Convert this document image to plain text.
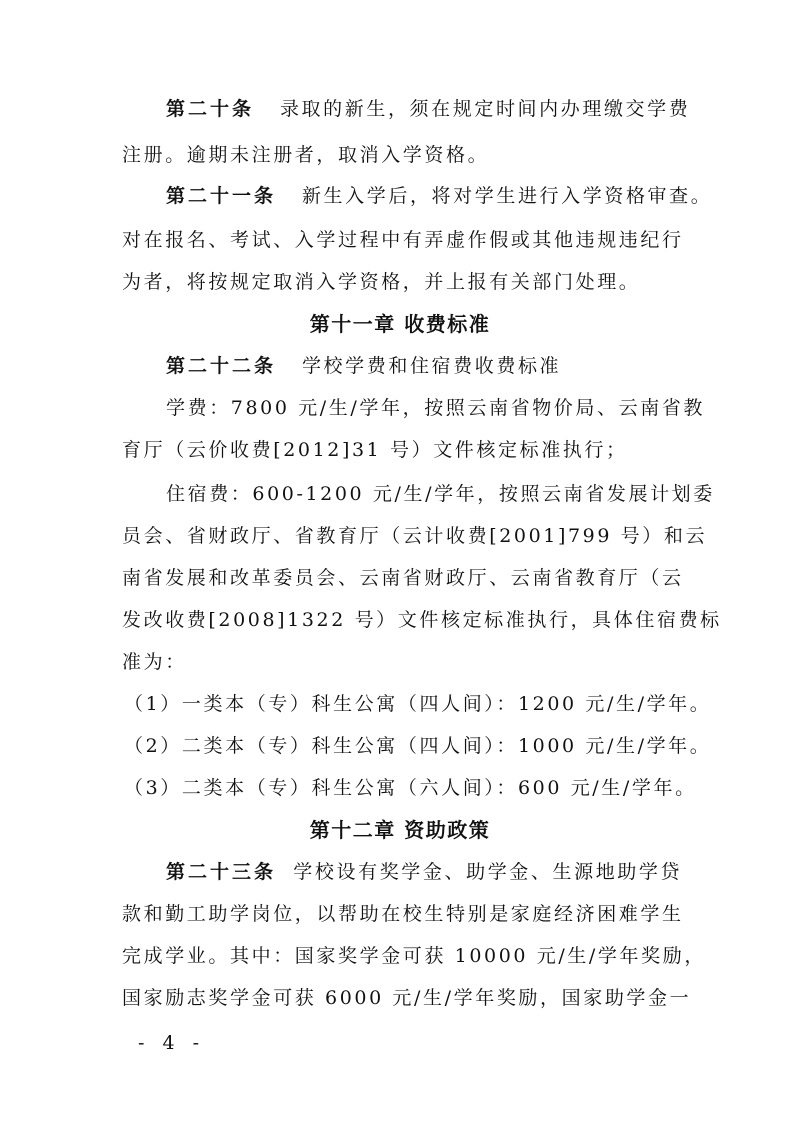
第二十条 录取的新生，须在规定时间内办理缴交学费
注册。逾期未注册者，取消入学资格。
第二十一条 新生入学后，将对学生进行入学资格审查。
对在报名、考试、入学过程中有弄虚作假或其他违规违纪行
为者，将按规定取消入学资格，并上报有关部门处理。
第十一章 收费标准
第二十二条 学校学费和住宿费收费标准
学费：7800 元/生/学年，按照云南省物价局、云南省教
育厅（云价收费[2012]31 号）文件核定标准执行；
住宿费：600-1200 元/生/学年，按照云南省发展计划委
员会、省财政厅、省教育厅（云计收费[2001]799 号）和云
南省发展和改革委员会、云南省财政厅、云南省教育厅（云
发改收费[2008]1322 号）文件核定标准执行，具体住宿费标
准为：
（1）一类本（专）科生公寓（四人间）：1200 元/生/学年。
（2）二类本（专）科生公寓（四人间）：1000 元/生/学年。
（3）二类本（专）科生公寓（六人间）：600 元/生/学年。
第十二章 资助政策
第二十三条 学校设有奖学金、助学金、生源地助学贷
款和勤工助学岗位，以帮助在校生特别是家庭经济困难学生
完成学业。其中：国家奖学金可获 10000 元/生/学年奖励，
国家励志奖学金可获 6000 元/生/学年奖励，国家助学金一
- 4 -
